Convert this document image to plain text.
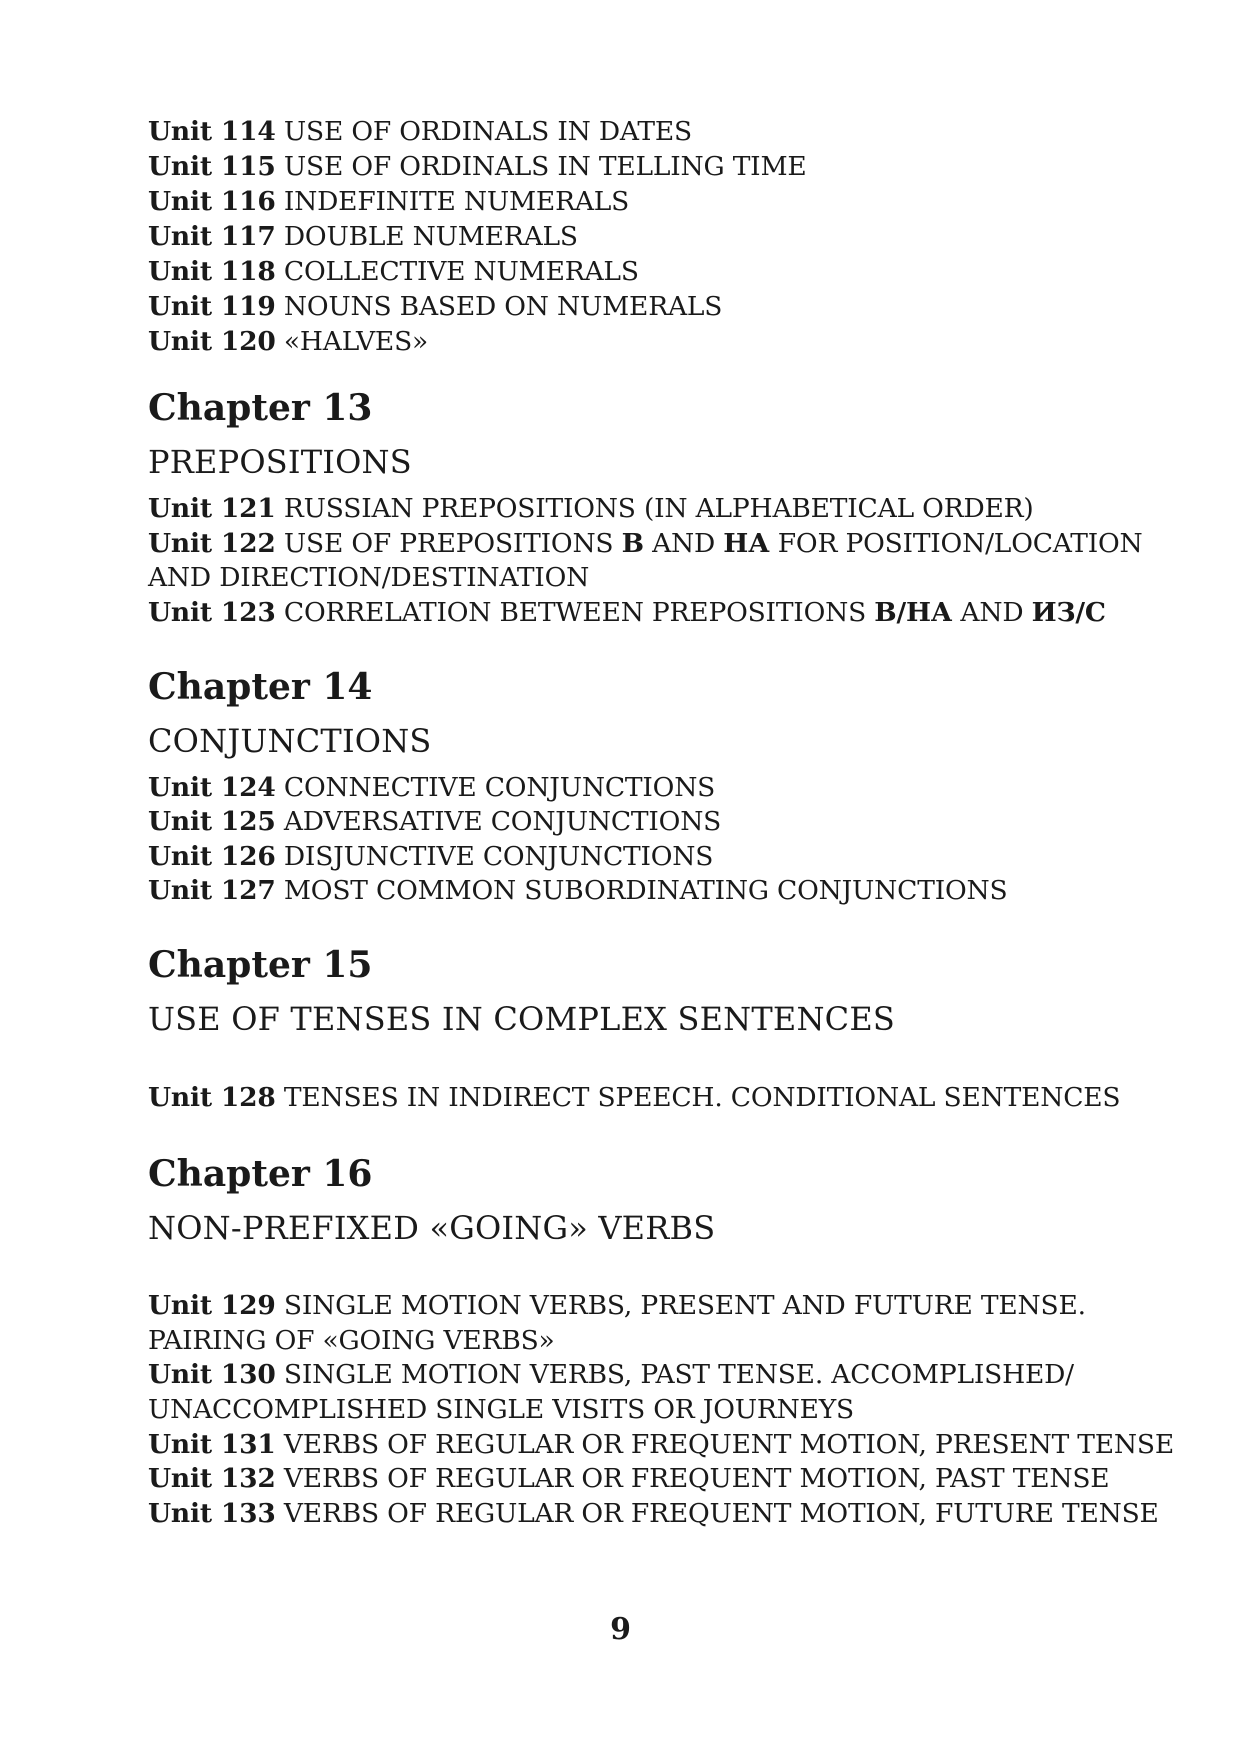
Unit 114 USE OF ORDINALS IN DATES
Unit 115 USE OF ORDINALS IN TELLING TIME
Unit 116 INDEFINITE NUMERALS
Unit 117 DOUBLE NUMERALS
Unit 118 COLLECTIVE NUMERALS
Unit 119 NOUNS BASED ON NUMERALS
Unit 120 «HALVES»
Chapter 13
PREPOSITIONS
Unit 121 RUSSIAN PREPOSITIONS (IN ALPHABETICAL ORDER)
Unit 122 USE OF PREPOSITIONS В AND НА FOR POSITION/LOCATION
AND DIRECTION/DESTINATION
Unit 123 CORRELATION BETWEEN PREPOSITIONS В/НА AND ИЗ/С
Chapter 14
CONJUNCTIONS
Unit 124 CONNECTIVE CONJUNCTIONS
Unit 125 ADVERSATIVE CONJUNCTIONS
Unit 126 DISJUNCTIVE CONJUNCTIONS
Unit 127 MOST COMMON SUBORDINATING CONJUNCTIONS
Chapter 15
USE OF TENSES IN COMPLEX SENTENCES
Unit 128 TENSES IN INDIRECT SPEECH. CONDITIONAL SENTENCES
Chapter 16
NON-PREFIXED «GOING» VERBS
Unit 129 SINGLE MOTION VERBS, PRESENT AND FUTURE TENSE.
PAIRING OF «GOING VERBS»
Unit 130 SINGLE MOTION VERBS, PAST TENSE. ACCOMPLISHED/
UNACCOMPLISHED SINGLE VISITS OR JOURNEYS
Unit 131 VERBS OF REGULAR OR FREQUENT MOTION, PRESENT TENSE
Unit 132 VERBS OF REGULAR OR FREQUENT MOTION, PAST TENSE
Unit 133 VERBS OF REGULAR OR FREQUENT MOTION, FUTURE TENSE
9
